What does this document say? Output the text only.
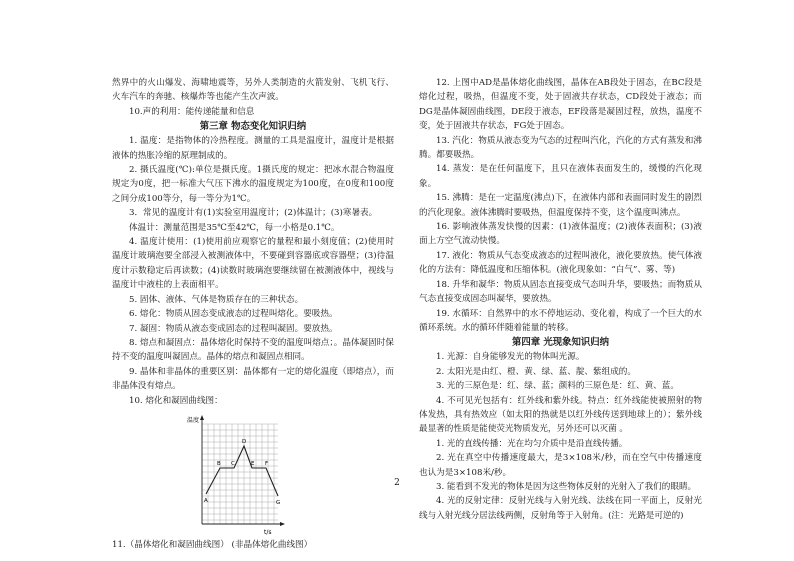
然界中的火山爆发、海啸地震等，另外人类制造的火箭发射、飞机飞行、火车汽车的奔驰、核爆炸等也能产生次声波。

10.声的利用：能传递能量和信息

第三章 物态变化知识归纳

1. 温度：是指物体的冷热程度。测量的工具是温度计，温度计是根据液体的热胀冷缩的原理制成的。

2. 摄氏温度(℃):单位是摄氏度。1摄氏度的规定：把冰水混合物温度规定为0度，把一标准大气压下沸水的温度规定为100度，在0度和100度之间分成100等分，每一等分为1℃。

3．常见的温度计有(1)实验室用温度计；(2)体温计；(3)寒暑表。

体温计：测量范围是35℃至42℃，每一小格是0.1℃。

4. 温度计使用：(1)使用前应观察它的量程和最小刻度值；(2)使用时温度计玻璃泡要全部浸入被测液体中，不要碰到容器底或容器壁；(3)待温度计示数稳定后再读数；(4)读数时玻璃泡要继续留在被测液体中，视线与温度计中液柱的上表面相平。

5. 固体、液体、气体是物质存在的三种状态。

6. 熔化：物质从固态变成液态的过程叫熔化。要吸热。

7. 凝固：物质从液态变成固态的过程叫凝固。要放热。

8. 熔点和凝固点：晶体熔化时保持不变的温度叫熔点；。晶体凝固时保持不变的温度叫凝固点。晶体的熔点和凝固点相同。

9. 晶体和非晶体的重要区别：晶体都有一定的熔化温度（即熔点），而非晶体没有熔点。

10. 熔化和凝固曲线图：

温度
t/s
A
B C
D
E F
G

11.（晶体熔化和凝固曲线图） (非晶体熔化曲线图）

12. 上图中AD是晶体熔化曲线图，晶体在AB段处于固态，在BC段是熔化过程，吸热，但温度不变，处于固液共存状态，CD段处于液态；而DG是晶体凝固曲线图，DE段于液态，EF段落是凝固过程，放热，温度不变，处于固液共存状态，FG处于固态。

13. 汽化：物质从液态变为气态的过程叫汽化，汽化的方式有蒸发和沸腾。都要吸热。

14. 蒸发：是在任何温度下，且只在液体表面发生的，缓慢的汽化现象。

15. 沸腾：是在一定温度(沸点)下，在液体内部和表面同时发生的剧烈的汽化现象。液体沸腾时要吸热，但温度保持不变，这个温度叫沸点。

16. 影响液体蒸发快慢的因素：(1)液体温度；(2)液体表面积；(3)液面上方空气流动快慢。

17. 液化：物质从气态变成液态的过程叫液化，液化要放热。使气体液化的方法有：降低温度和压缩体积。(液化现象如：“白气”、雾、等)

18. 升华和凝华：物质从固态直接变成气态叫升华，要吸热；而物质从气态直接变成固态叫凝华，要放热。

19. 水循环：自然界中的水不停地运动、变化着，构成了一个巨大的水循环系统。水的循环伴随着能量的转移。

第四章 光现象知识归纳

1. 光源：自身能够发光的物体叫光源。

2. 太阳光是由红、橙、黄、绿、蓝、靛、紫组成的。

3. 光的三原色是：红、绿、蓝；颜料的三原色是：红、黄、蓝。

4. 不可见光包括有：红外线和紫外线。特点：红外线能使被照射的物体发热，具有热效应（如太阳的热就是以红外线传送到地球上的）；紫外线最显著的性质是能使荧光物质发光，另外还可以灭菌 。

1. 光的直线传播：光在均匀介质中是沿直线传播。

2. 光在真空中传播速度最大，是3×108米/秒，而在空气中传播速度也认为是3×108米/秒。

3. 能看到不发光的物体是因为这些物体反射的光射入了我们的眼睛。

4. 光的反射定律：反射光线与入射光线、法线在同一平面上，反射光线与入射光线分居法线两侧，反射角等于入射角。(注：光路是可逆的)

2
